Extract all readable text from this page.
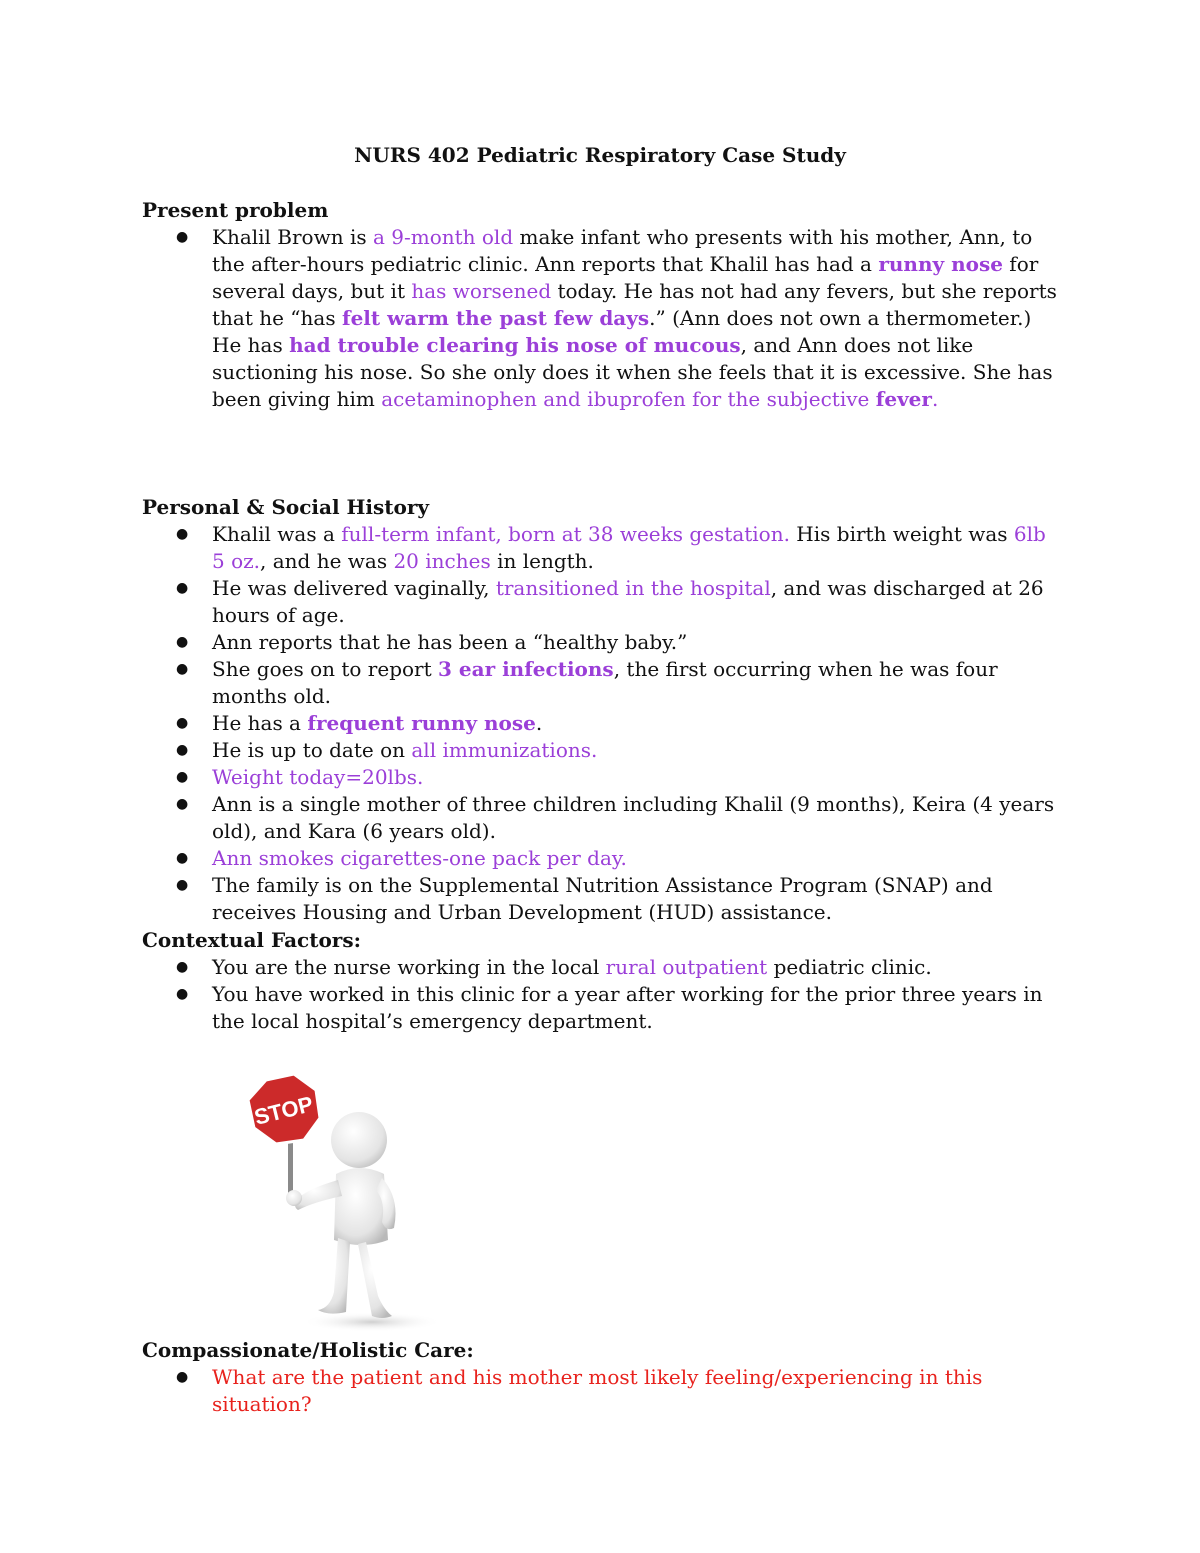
NURS 402 Pediatric Respiratory Case Study
Present problem
● Khalil Brown is a 9-month old make infant who presents with his mother, Ann, to the after-hours pediatric clinic. Ann reports that Khalil has had a runny nose for several days, but it has worsened today. He has not had any fevers, but she reports that he “has felt warm the past few days.” (Ann does not own a thermometer.) He has had trouble clearing his nose of mucous, and Ann does not like suctioning his nose. So she only does it when she feels that it is excessive. She has been giving him acetaminophen and ibuprofen for the subjective fever.
Personal & Social History
● Khalil was a full-term infant, born at 38 weeks gestation. His birth weight was 6lb 5 oz., and he was 20 inches in length.
● He was delivered vaginally, transitioned in the hospital, and was discharged at 26 hours of age.
● Ann reports that he has been a “healthy baby.”
● She goes on to report 3 ear infections, the first occurring when he was four months old.
● He has a frequent runny nose.
● He is up to date on all immunizations.
● Weight today=20lbs.
● Ann is a single mother of three children including Khalil (9 months), Keira (4 years old), and Kara (6 years old).
● Ann smokes cigarettes-one pack per day.
● The family is on the Supplemental Nutrition Assistance Program (SNAP) and receives Housing and Urban Development (HUD) assistance.
Contextual Factors:
● You are the nurse working in the local rural outpatient pediatric clinic.
● You have worked in this clinic for a year after working for the prior three years in the local hospital’s emergency department.
STOP
Compassionate/Holistic Care:
● What are the patient and his mother most likely feeling/experiencing in this situation?
